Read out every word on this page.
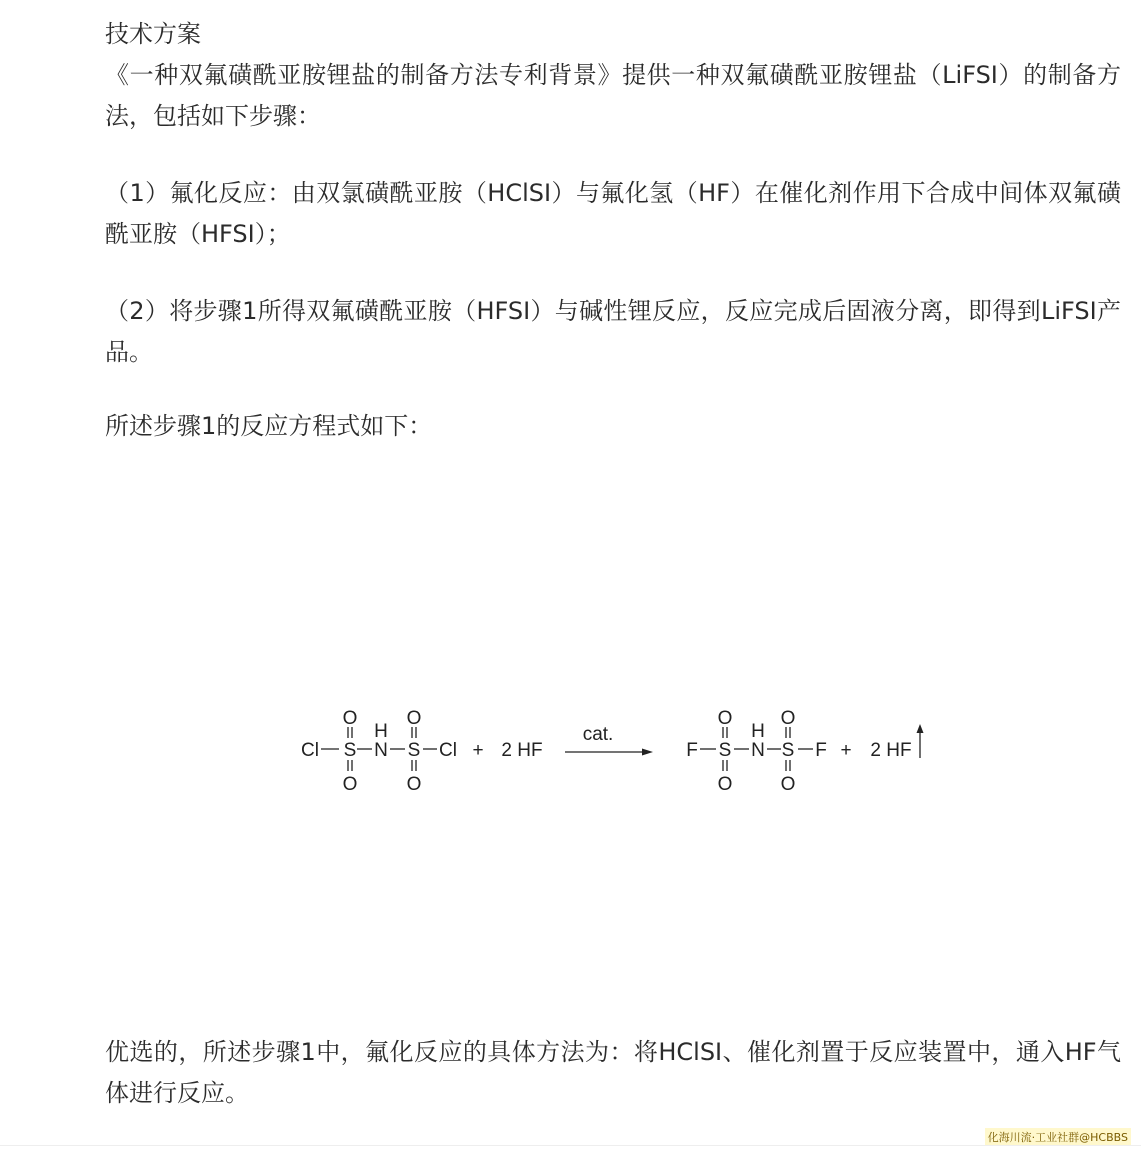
技术方案

《一种双氟磺酰亚胺锂盐的制备方法专利背景》提供一种双氟磺酰亚胺锂盐（LiFSI）的制备方法，包括如下步骤：

（1）氟化反应：由双氯磺酰亚胺（HClSI）与氟化氢（HF）在催化剂作用下合成中间体双氟磺酰亚胺（HFSI）；

（2）将步骤1所得双氟磺酰亚胺（HFSI）与碱性锂反应，反应完成后固液分离，即得到LiFSI产品。

所述步骤1的反应方程式如下：

Cl S
O
O
N
H
S
O
O
Cl + 2 HF
cat.
F S
O
O
N
H
S
O
O
F + 2 HF

优选的，所述步骤1中，氟化反应的具体方法为：将HClSI、催化剂置于反应装置中，通入HF气体进行反应。

化海川流·工业社群@HCBBS
